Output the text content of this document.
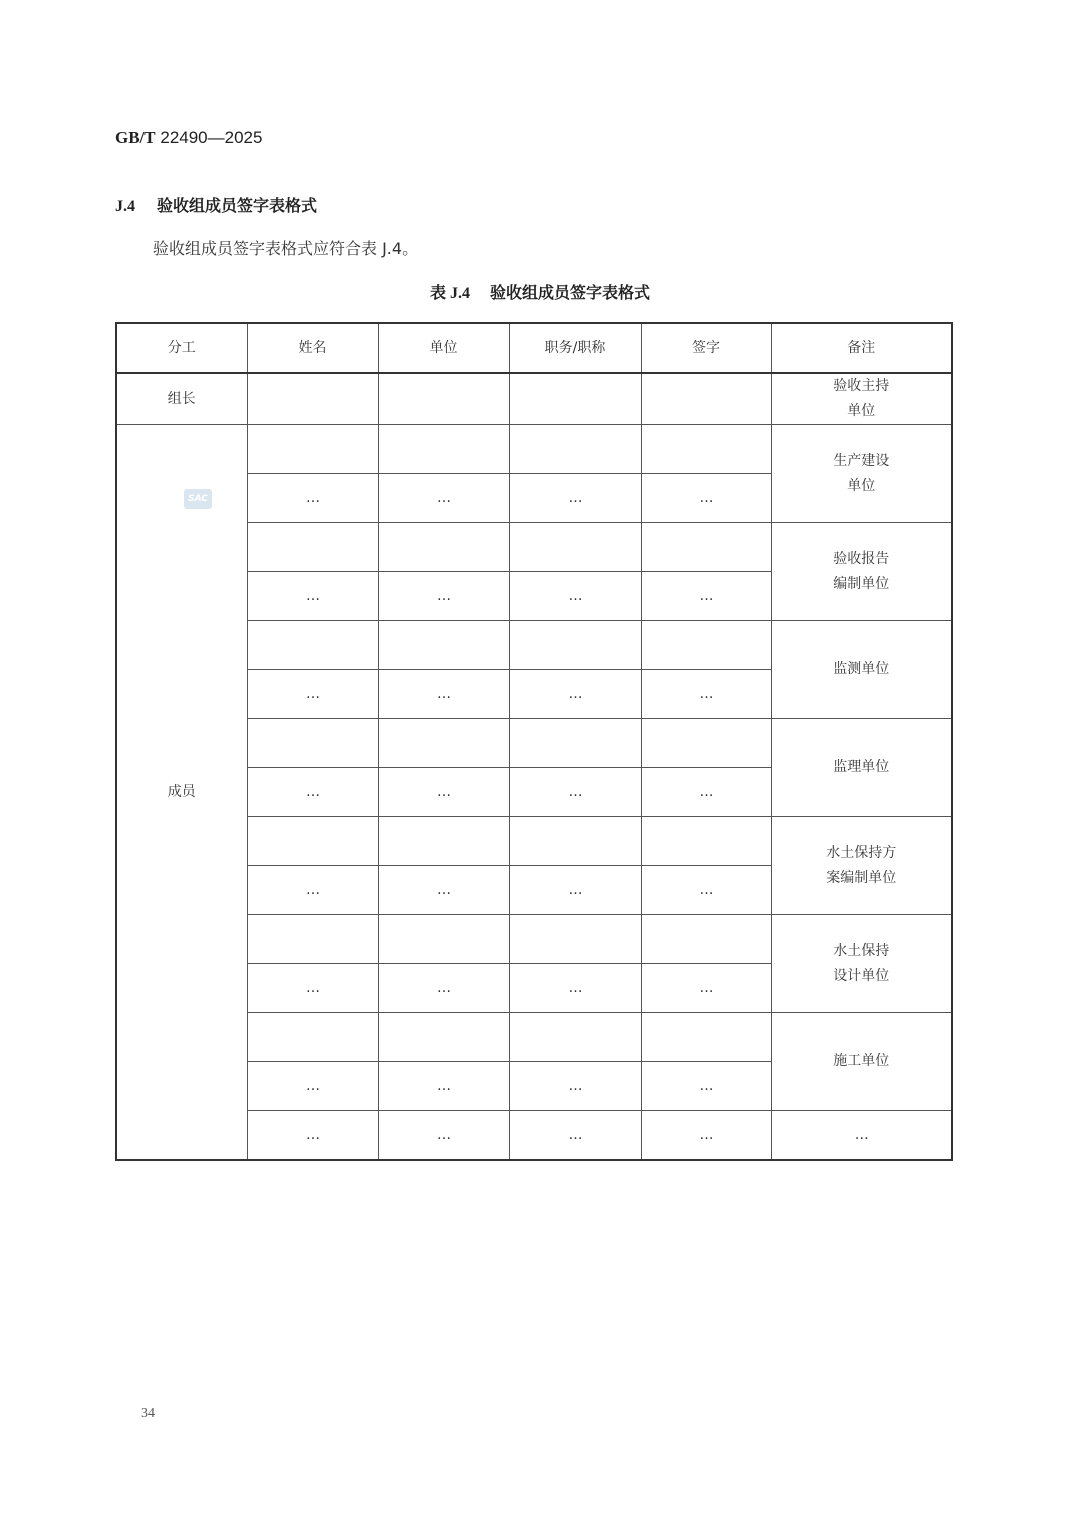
GB/T 22490—2025
J.4 验收组成员签字表格式
验收组成员签字表格式应符合表 J.4。
表 J.4 验收组成员签字表格式
分工	姓名	单位	职务/职称	签字	备注
组长					验收主持
单位

成员					生产建设
单位

	…	…	…	…	

					验收报告
编制单位

	…	…	…	…	

					监测单位

	…	…	…	…	

					监理单位

	…	…	…	…	

					水土保持方
案编制单位

	…	…	…	…	

					水土保持
设计单位

	…	…	…	…	

					施工单位

	…	…	…	…	
	…	…	…	…	…
SAC
34
